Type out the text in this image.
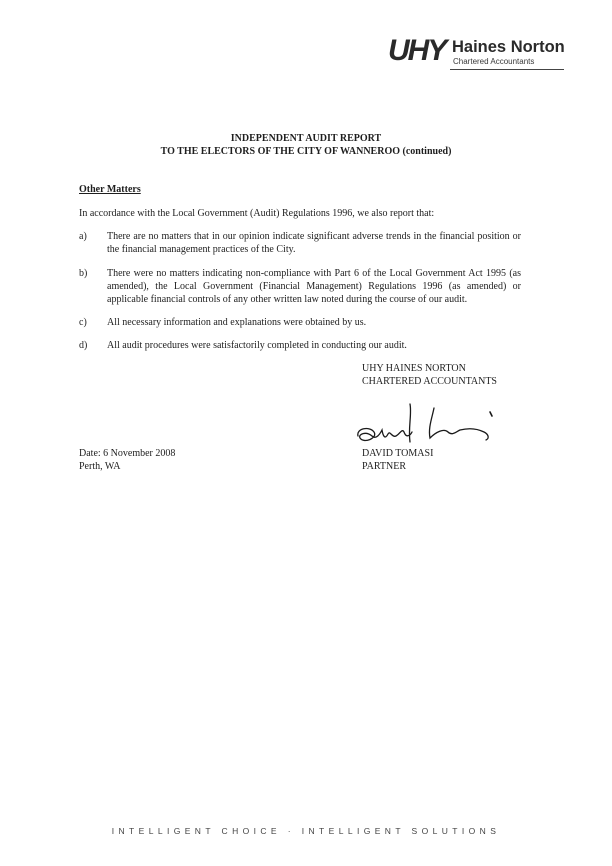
UHY Haines Norton
Chartered Accountants
INDEPENDENT AUDIT REPORT
TO THE ELECTORS OF THE CITY OF WANNEROO (continued)
Other Matters
In accordance with the Local Government (Audit) Regulations 1996, we also report that:
a) There are no matters that in our opinion indicate significant adverse trends in the financial position or the financial management practices of the City.
b) There were no matters indicating non-compliance with Part 6 of the Local Government Act 1995 (as amended), the Local Government (Financial Management) Regulations 1996 (as amended) or applicable financial controls of any other written law noted during the course of our audit.
c) All necessary information and explanations were obtained by us.
d) All audit procedures were satisfactorily completed in conducting our audit.
UHY HAINES NORTON
CHARTERED ACCOUNTANTS
Date: 6 November 2008
Perth, WA
DAVID TOMASI
PARTNER
INTELLIGENT CHOICE · INTELLIGENT SOLUTIONS
